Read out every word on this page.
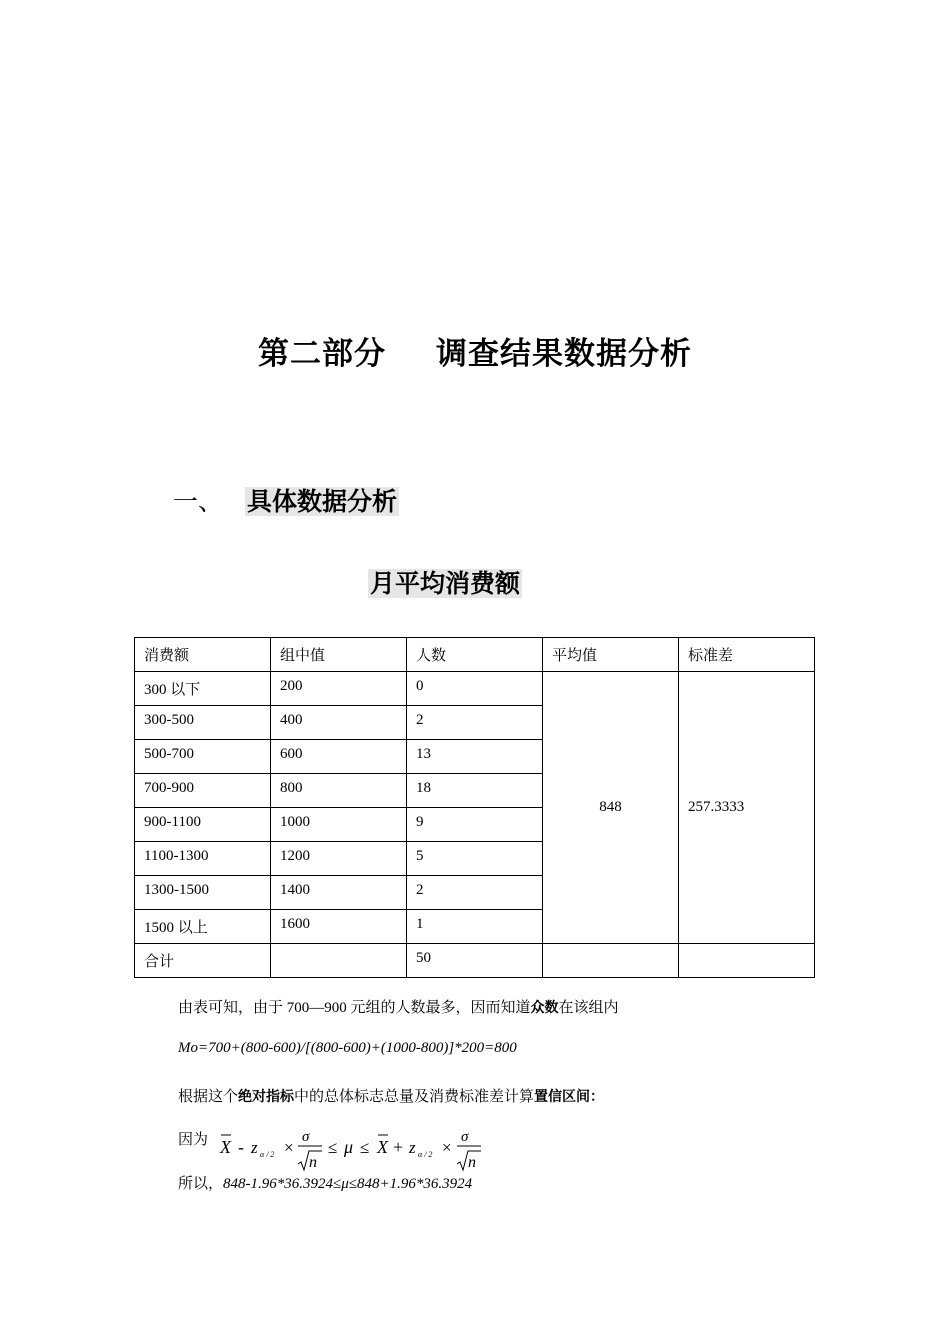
第二部分 调查结果数据分析
一、 具体数据分析
月平均消费额
消费额	组中值	人数	平均值	标准差
300 以下	200	0	848	257.3333
300-500	400	2		
500-700	600	13		
700-900	800	18		
900-1100	1000	9		
1100-1300	1200	5		
1300-1500	1400	2		
1500 以上	1600	1		
合计		50		
由表可知，由于 700—900 元组的人数最多，因而知道众数在该组内
Mo=700+(800-600)/[(800-600)+(1000-800)]*200=800
根据这个绝对指标中的总体标志总量及消费标准差计算置信区间：
因为 X - z α / 2 ×
σ
n
≤ μ ≤ X + z α / 2 ×
σ
n
所以，848-1.96*36.3924≤μ≤848+1.96*36.3924
